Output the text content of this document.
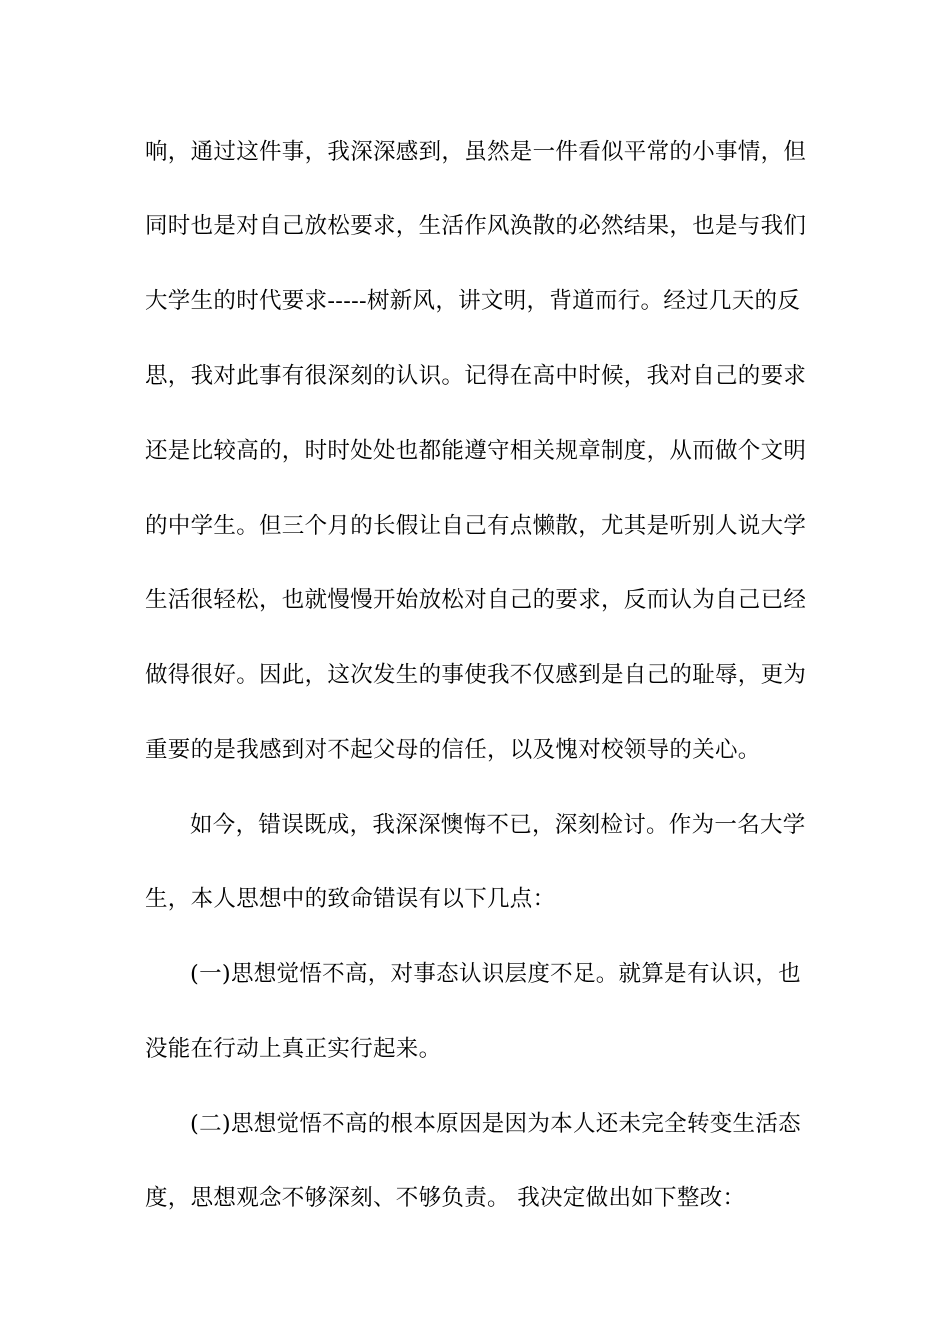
响，通过这件事，我深深感到，虽然是一件看似平常的小事情，但
同时也是对自己放松要求，生活作风涣散的必然结果，也是与我们
大学生的时代要求-----树新风，讲文明，背道而行。经过几天的反
思，我对此事有很深刻的认识。记得在高中时候，我对自己的要求
还是比较高的，时时处处也都能遵守相关规章制度，从而做个文明
的中学生。但三个月的长假让自己有点懒散，尤其是听别人说大学
生活很轻松，也就慢慢开始放松对自己的要求，反而认为自己已经
做得很好。因此，这次发生的事使我不仅感到是自己的耻辱，更为
重要的是我感到对不起父母的信任，以及愧对校领导的关心。
如今，错误既成，我深深懊悔不已，深刻检讨。作为一名大学
生，本人思想中的致命错误有以下几点：
(一)思想觉悟不高，对事态认识层度不足。就算是有认识，也
没能在行动上真正实行起来。
(二)思想觉悟不高的根本原因是因为本人还未完全转变生活态
度，思想观念不够深刻、不够负责。 我决定做出如下整改：
